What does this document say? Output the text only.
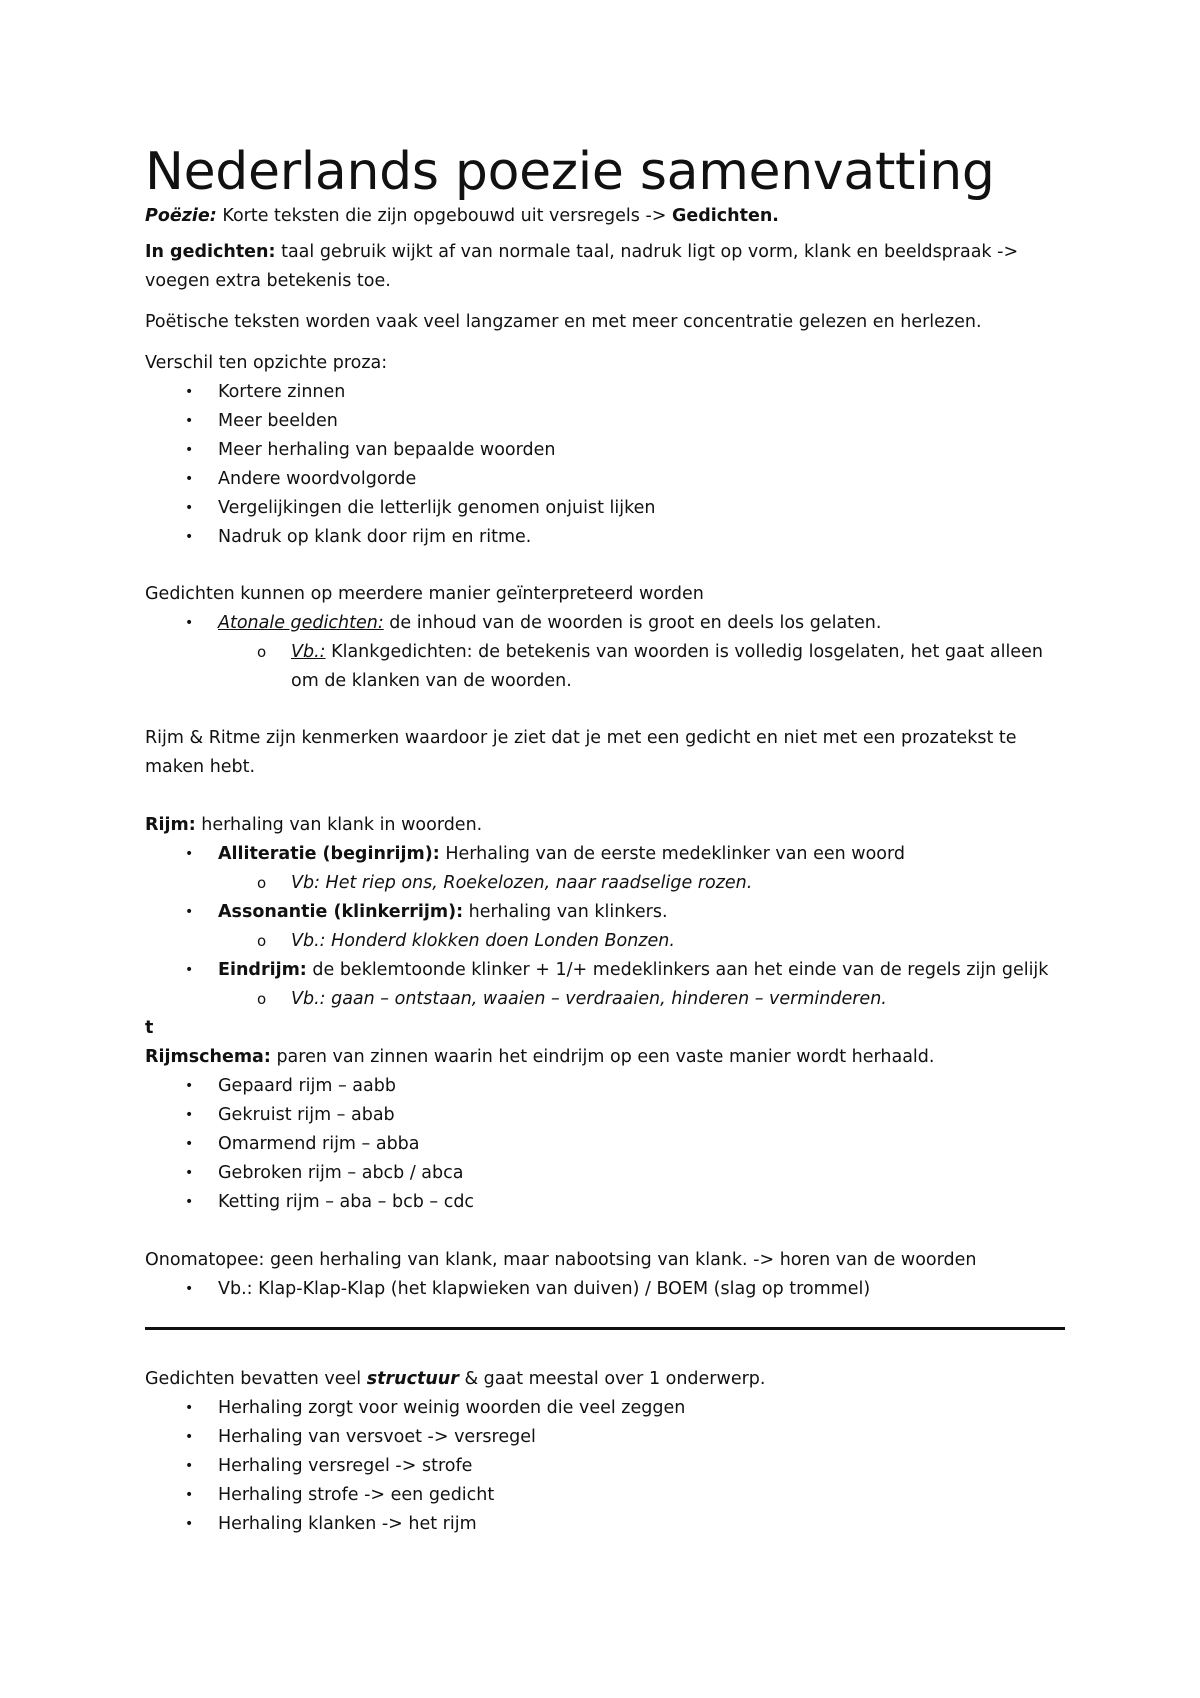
Nederlands poezie samenvatting
Poëzie: Korte teksten die zijn opgebouwd uit versregels -> Gedichten.
In gedichten: taal gebruik wijkt af van normale taal, nadruk ligt op vorm, klank en beeldspraak ->
voegen extra betekenis toe.
Poëtische teksten worden vaak veel langzamer en met meer concentratie gelezen en herlezen.
Verschil ten opzichte proza:
• Kortere zinnen
• Meer beelden
• Meer herhaling van bepaalde woorden
• Andere woordvolgorde
• Vergelijkingen die letterlijk genomen onjuist lijken
• Nadruk op klank door rijm en ritme.
Gedichten kunnen op meerdere manier geïnterpreteerd worden
• Atonale gedichten: de inhoud van de woorden is groot en deels los gelaten.
o Vb.: Klankgedichten: de betekenis van woorden is volledig losgelaten, het gaat alleen
om de klanken van de woorden.
Rijm & Ritme zijn kenmerken waardoor je ziet dat je met een gedicht en niet met een prozatekst te
maken hebt.
Rijm: herhaling van klank in woorden.
• Alliteratie (beginrijm): Herhaling van de eerste medeklinker van een woord
o Vb: Het riep ons, Roekelozen, naar raadselige rozen.
• Assonantie (klinkerrijm): herhaling van klinkers.
o Vb.: Honderd klokken doen Londen Bonzen.
• Eindrijm: de beklemtoonde klinker + 1/+ medeklinkers aan het einde van de regels zijn gelijk
o Vb.: gaan – ontstaan, waaien – verdraaien, hinderen – verminderen.
t
Rijmschema: paren van zinnen waarin het eindrijm op een vaste manier wordt herhaald.
• Gepaard rijm – aabb
• Gekruist rijm – abab
• Omarmend rijm – abba
• Gebroken rijm – abcb / abca
• Ketting rijm – aba – bcb – cdc
Onomatopee: geen herhaling van klank, maar nabootsing van klank. -> horen van de woorden
• Vb.: Klap-Klap-Klap (het klapwieken van duiven) / BOEM (slag op trommel)
Gedichten bevatten veel structuur & gaat meestal over 1 onderwerp.
• Herhaling zorgt voor weinig woorden die veel zeggen
• Herhaling van versvoet -> versregel
• Herhaling versregel -> strofe
• Herhaling strofe -> een gedicht
• Herhaling klanken -> het rijm
